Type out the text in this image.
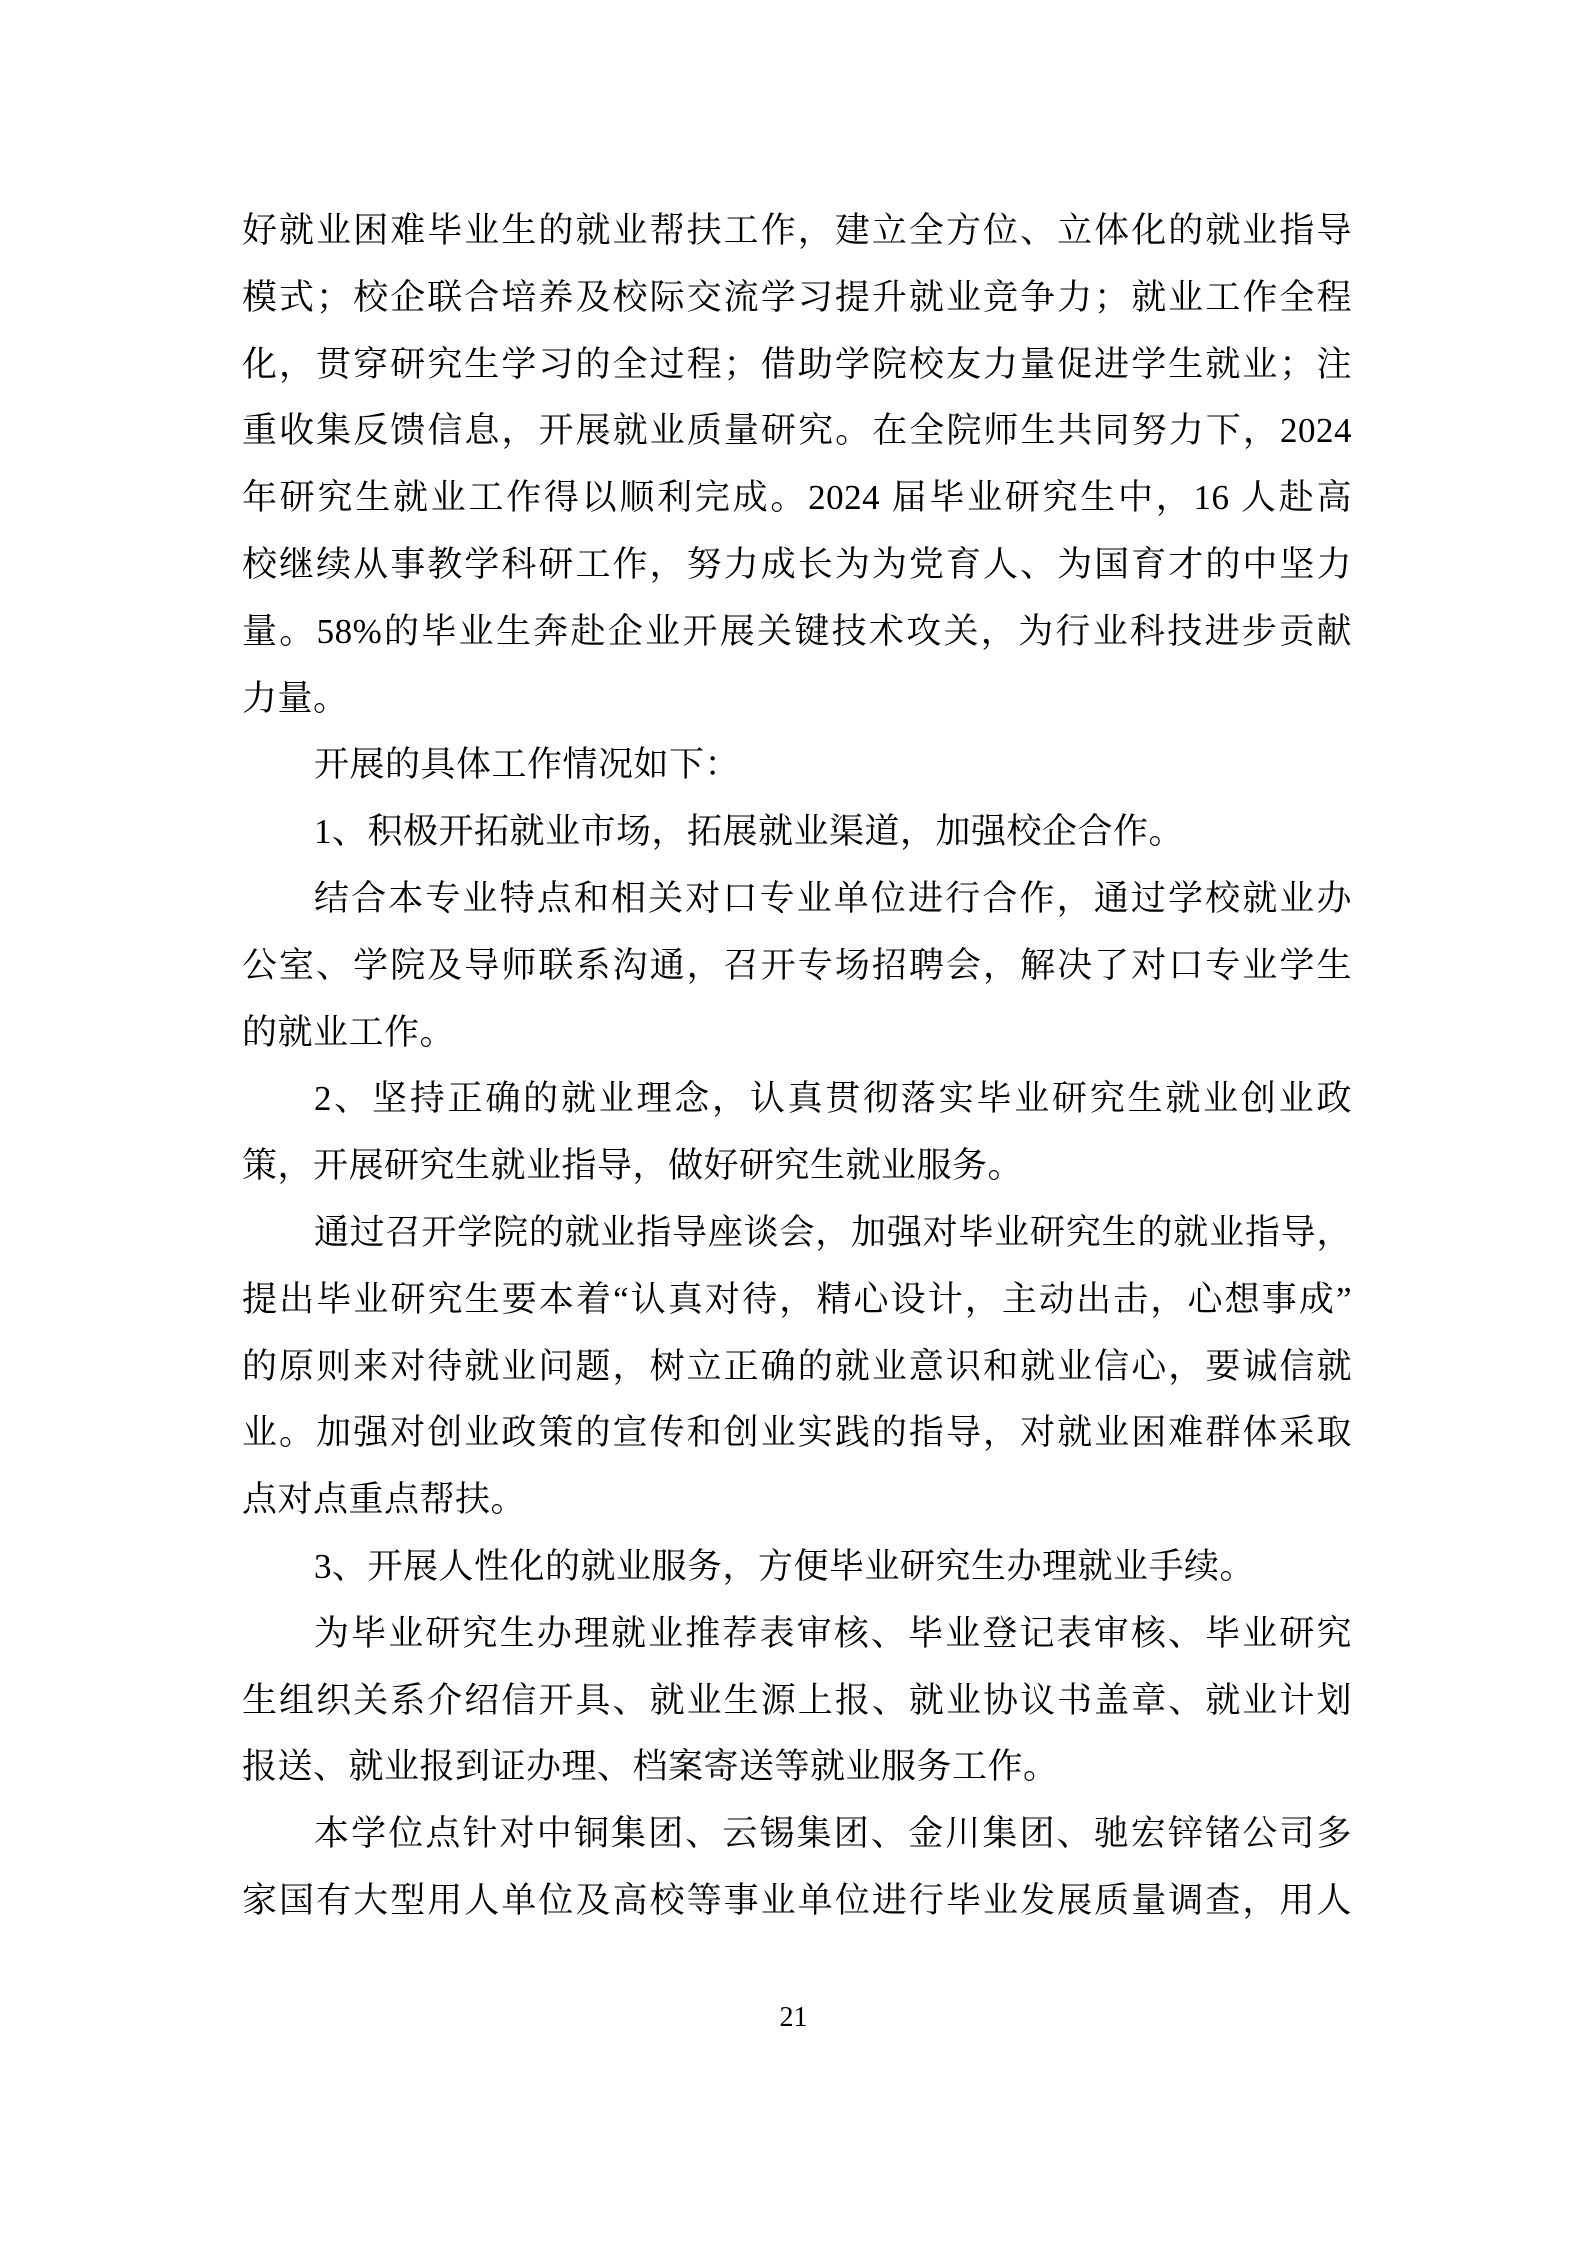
好就业困难毕业生的就业帮扶工作，建立全方位、立体化的就业指导
模式；校企联合培养及校际交流学习提升就业竞争力；就业工作全程
化，贯穿研究生学习的全过程；借助学院校友力量促进学生就业；注
重收集反馈信息，开展就业质量研究。在全院师生共同努力下，2024
年研究生就业工作得以顺利完成。2024 届毕业研究生中，16 人赴高
校继续从事教学科研工作，努力成长为为党育人、为国育才的中坚力
量。58%的毕业生奔赴企业开展关键技术攻关，为行业科技进步贡献
力量。
开展的具体工作情况如下：
1、积极开拓就业市场，拓展就业渠道，加强校企合作。
结合本专业特点和相关对口专业单位进行合作，通过学校就业办
公室、学院及导师联系沟通，召开专场招聘会，解决了对口专业学生
的就业工作。
2、坚持正确的就业理念，认真贯彻落实毕业研究生就业创业政
策，开展研究生就业指导，做好研究生就业服务。
通过召开学院的就业指导座谈会，加强对毕业研究生的就业指导，
提出毕业研究生要本着“认真对待，精心设计，主动出击，心想事成”
的原则来对待就业问题，树立正确的就业意识和就业信心，要诚信就
业。加强对创业政策的宣传和创业实践的指导，对就业困难群体采取
点对点重点帮扶。
3、开展人性化的就业服务，方便毕业研究生办理就业手续。
为毕业研究生办理就业推荐表审核、毕业登记表审核、毕业研究
生组织关系介绍信开具、就业生源上报、就业协议书盖章、就业计划
报送、就业报到证办理、档案寄送等就业服务工作。
本学位点针对中铜集团、云锡集团、金川集团、驰宏锌锗公司多
家国有大型用人单位及高校等事业单位进行毕业发展质量调查，用人
21
